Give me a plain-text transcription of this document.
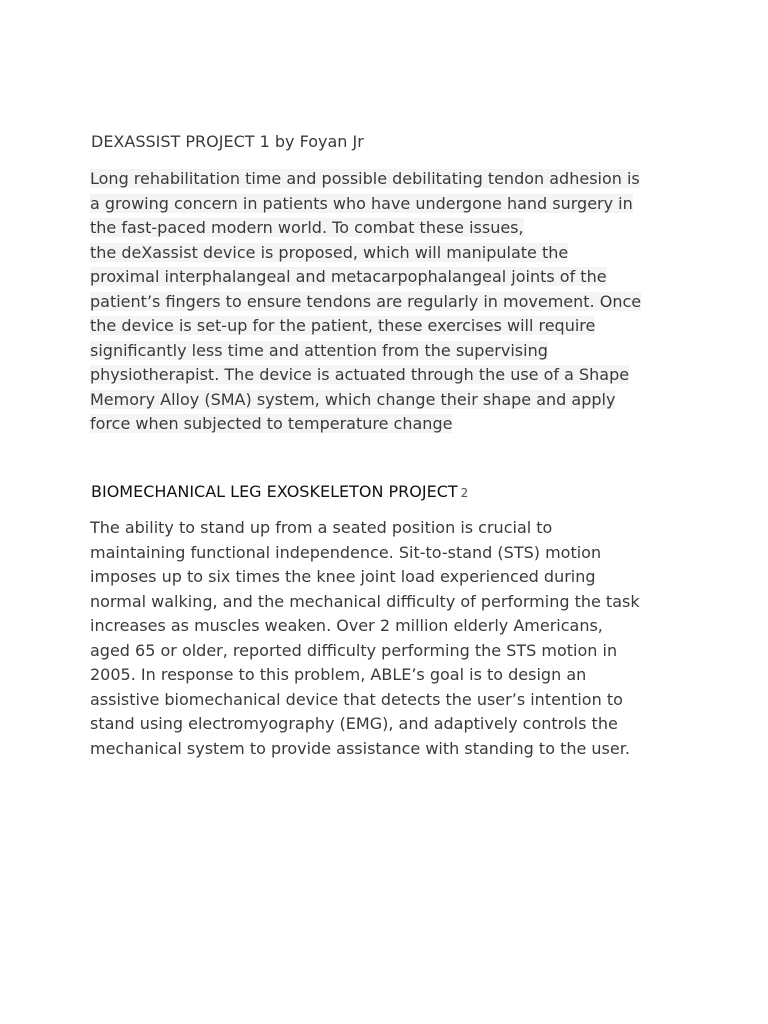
DEXASSIST PROJECT 1 by Foyan Jr
Long rehabilitation time and possible debilitating tendon adhesion is
a growing concern in patients who have undergone hand surgery in
the fast-paced modern world. To combat these issues,
the deXassist device is proposed, which will manipulate the
proximal interphalangeal and metacarpophalangeal joints of the
patient’s fingers to ensure tendons are regularly in movement. Once
the device is set-up for the patient, these exercises will require
significantly less time and attention from the supervising
physiotherapist. The device is actuated through the use of a Shape
Memory Alloy (SMA) system, which change their shape and apply
force when subjected to temperature change
BIOMECHANICAL LEG EXOSKELETON PROJECT 2
The ability to stand up from a seated position is crucial to
maintaining functional independence. Sit-to-stand (STS) motion
imposes up to six times the knee joint load experienced during
normal walking, and the mechanical difficulty of performing the task
increases as muscles weaken. Over 2 million elderly Americans,
aged 65 or older, reported difficulty performing the STS motion in
2005. In response to this problem, ABLE’s goal is to design an
assistive biomechanical device that detects the user’s intention to
stand using electromyography (EMG), and adaptively controls the
mechanical system to provide assistance with standing to the user.
